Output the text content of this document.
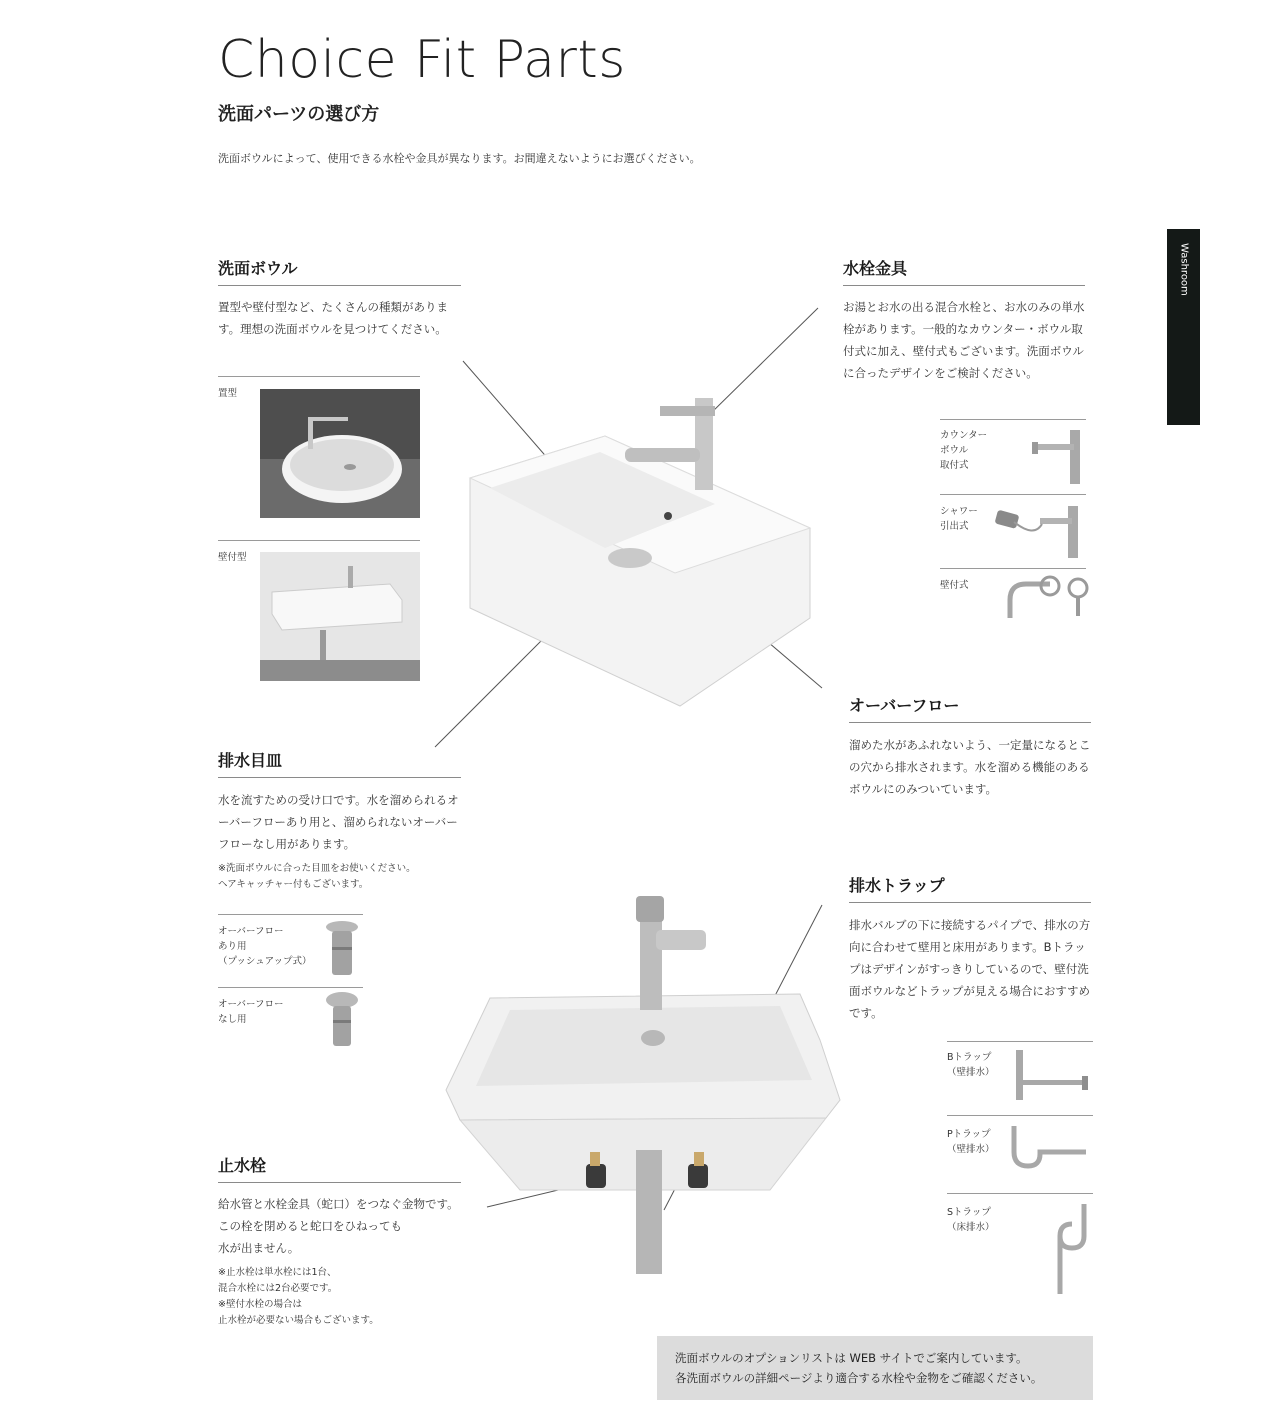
Choice Fit Parts
洗面パーツの選び方
洗面ボウルによって、使用できる水栓や金具が異なります。お間違えないようにお選びください。
Washroom
洗面ボウル
置型や壁付型など、たくさんの種類がありま す。理想の洗面ボウルを見つけてください。
置型
壁付型
水栓金具
お湯とお水の出る混合水栓と、お水のみの単水栓があります。一般的なカウンター・ボウル取付式に加え、壁付式もございます。洗面ボウルに合ったデザインをご検討ください。
カウンター
ボウル
取付式
シャワー
引出式
壁付式
オーバーフロー
溜めた水があふれないよう、一定量になるとこの穴から排水されます。水を溜める機能のあるボウルにのみついています。
排水目皿
水を流すための受け口です。水を溜められるオーバーフローあり用と、溜められないオーバーフローなし用があります。
※洗面ボウルに合った目皿をお使いください。
ヘアキャッチャー付もございます。
オーバーフロー
あり用
（プッシュアップ式）
オーバーフロー
なし用
排水トラップ
排水バルブの下に接続するパイプで、排水の方向に合わせて壁用と床用があります。Bトラップはデザインがすっきりしているので、壁付洗面ボウルなどトラップが見える場合におすすめです。
Bトラップ
（壁排水）
Pトラップ
（壁排水）
Sトラップ
（床排水）
止水栓
給水管と水栓金具（蛇口）をつなぐ金物です。
この栓を閉めると蛇口をひねっても
水が出ません。
※止水栓は単水栓には1台、
混合水栓には2台必要です。
※壁付水栓の場合は
止水栓が必要ない場合もございます。
洗面ボウルのオプションリストは WEB サイトでご案内しています。
各洗面ボウルの詳細ページより適合する水栓や金物をご確認ください。
